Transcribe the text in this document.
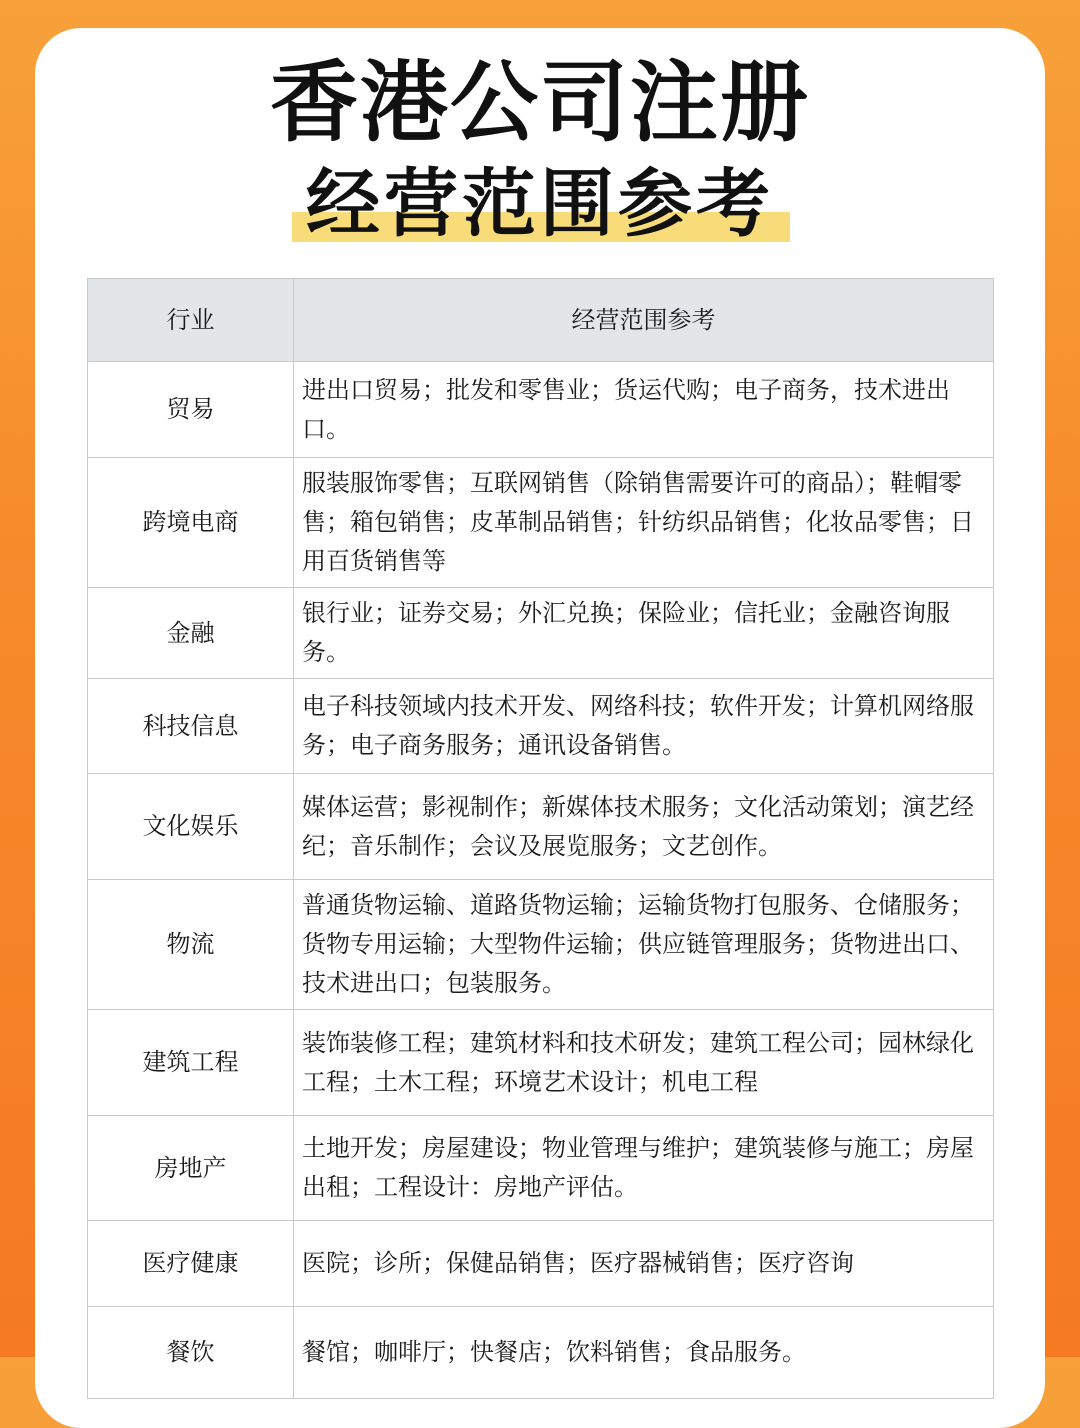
香港公司注册
经营范围参考
行业	经营范围参考
贸易	进出口贸易；批发和零售业；货运代购；电子商务，技术进出口。
跨境电商	服装服饰零售；互联网销售（除销售需要许可的商品）；鞋帽零售；箱包销售；皮革制品销售；针纺织品销售；化妆品零售；日用百货销售等
金融	银行业；证券交易；外汇兑换；保险业；信托业；金融咨询服务。
科技信息	电子科技领域内技术开发、网络科技；软件开发；计算机网络服务；电子商务服务；通讯设备销售。
文化娱乐	媒体运营；影视制作；新媒体技术服务；文化活动策划；演艺经纪；音乐制作；会议及展览服务；文艺创作。
物流	普通货物运输、道路货物运输；运输货物打包服务、仓储服务；货物专用运输；大型物件运输；供应链管理服务；货物进出口、技术进出口；包装服务。
建筑工程	装饰装修工程；建筑材料和技术研发；建筑工程公司；园林绿化工程；土木工程；环境艺术设计；机电工程
房地产	土地开发；房屋建设；物业管理与维护；建筑装修与施工；房屋出租；工程设计：房地产评估。
医疗健康	医院；诊所；保健品销售；医疗器械销售；医疗咨询
餐饮	餐馆；咖啡厅；快餐店；饮料销售；食品服务。
